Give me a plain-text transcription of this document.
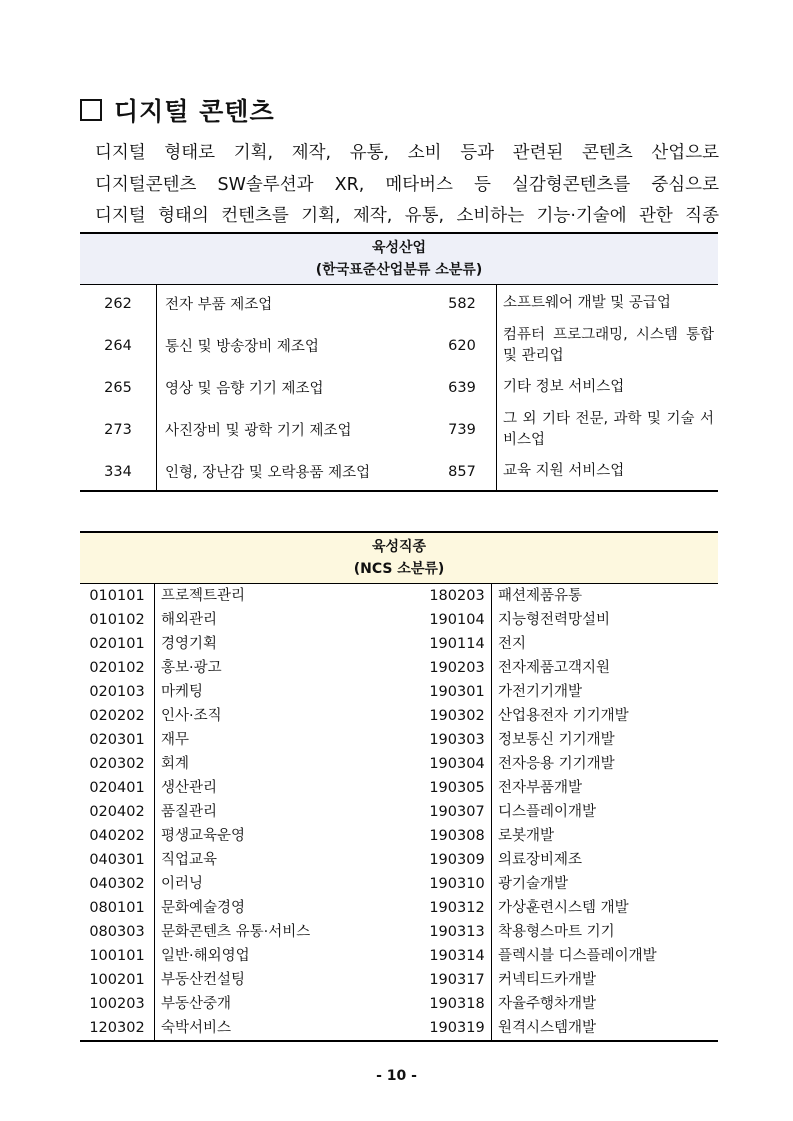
디지털 콘텐츠
디지털 형태로 기획, 제작, 유통, 소비 등과 관련된 콘텐츠 산업으로
디지털콘텐츠 SW솔루션과 XR, 메타버스 등 실감형콘텐츠를 중심으로
디지털 형태의 컨텐츠를 기획, 제작, 유통, 소비하는 기능·기술에 관한 직종
육성산업
(한국표준산업분류 소분류)			

262	전자 부품 제조업	582	소프트웨어 개발 및 공급업
264	통신 및 방송장비 제조업	620	컴퓨터 프로그래밍, 시스템 통합 및 관리업
265	영상 및 음향 기기 제조업	639	기타 정보 서비스업
273	사진장비 및 광학 기기 제조업	739	그 외 기타 전문, 과학 및 기술 서비스업
334	인형, 장난감 및 오락용품 제조업	857	교육 지원 서비스업
육성직종
(NCS 소분류)			

010101	프로젝트관리	180203	패션제품유통
010102	해외관리	190104	지능형전력망설비
020101	경영기획	190114	전지
020102	홍보·광고	190203	전자제품고객지원
020103	마케팅	190301	가전기기개발
020202	인사·조직	190302	산업용전자 기기개발
020301	재무	190303	정보통신 기기개발
020302	회계	190304	전자응용 기기개발
020401	생산관리	190305	전자부품개발
020402	품질관리	190307	디스플레이개발
040202	평생교육운영	190308	로봇개발
040301	직업교육	190309	의료장비제조
040302	이러닝	190310	광기술개발
080101	문화예술경영	190312	가상훈련시스템 개발
080303	문화콘텐츠 유통·서비스	190313	착용형스마트 기기
100101	일반·해외영업	190314	플렉시블 디스플레이개발
100201	부동산컨설팅	190317	커넥티드카개발
100203	부동산중개	190318	자율주행차개발
120302	숙박서비스	190319	원격시스템개발
- 10 -
